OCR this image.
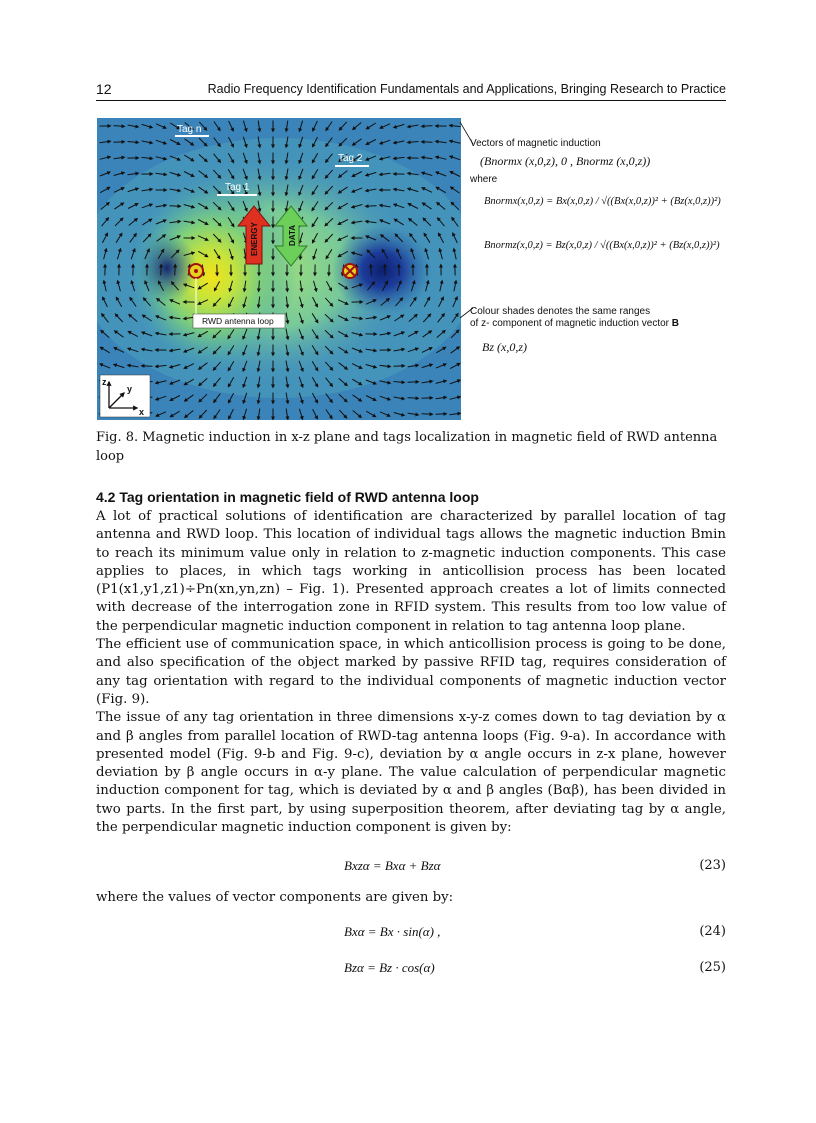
12	Radio Frequency Identification Fundamentals and Applications, Bringing Research to Practice
Tag n
Tag 2
Tag 1
ENERGY	DATA
RWD antenna loop
z
y
x
Vectors of magnetic induction
(Bnormx (x,0,z), 0 , Bnormz (x,0,z))
where
Bnormx(x,0,z) = Bx(x,0,z) / √((Bx(x,0,z))² + (Bz(x,0,z))²)
Bnormz(x,0,z) = Bz(x,0,z) / √((Bx(x,0,z))² + (Bz(x,0,z))²)
Colour shades denotes the same ranges
of z- component of magnetic induction vector B
Bz (x,0,z)
Fig. 8. Magnetic induction in x-z plane and tags localization in magnetic field of RWD antenna loop
4.2 Tag orientation in magnetic field of RWD antenna loop

A lot of practical solutions of identification are characterized by parallel location of tag antenna and RWD loop. This location of individual tags allows the magnetic induction Bmin to reach its minimum value only in relation to z-magnetic induction components. This case applies to places, in which tags working in anticollision process has been located (P1(x1,y1,z1)÷Pn(xn,yn,zn) – Fig. 1). Presented approach creates a lot of limits connected with decrease of the interrogation zone in RFID system. This results from too low value of the perpendicular magnetic induction component in relation to tag antenna loop plane.

The efficient use of communication space, in which anticollision process is going to be done, and also specification of the object marked by passive RFID tag, requires consideration of any tag orientation with regard to the individual components of magnetic induction vector (Fig. 9).

The issue of any tag orientation in three dimensions x-y-z comes down to tag deviation by α and β angles from parallel location of RWD-tag antenna loops (Fig. 9-a). In accordance with presented model (Fig. 9-b and Fig. 9-c), deviation by α angle occurs in z-x plane, however deviation by β angle occurs in α-y plane. The value calculation of perpendicular magnetic induction component for tag, which is deviated by α and β angles (Bαβ), has been divided in two parts. In the first part, by using superposition theorem, after deviating tag by α angle, the perpendicular magnetic induction component is given by:

Bxzα = Bxα + Bzα	(23)
where the values of vector components are given by:
Bxα = Bx · sin(α) ,	(24)
Bzα = Bz · cos(α)	(25)
